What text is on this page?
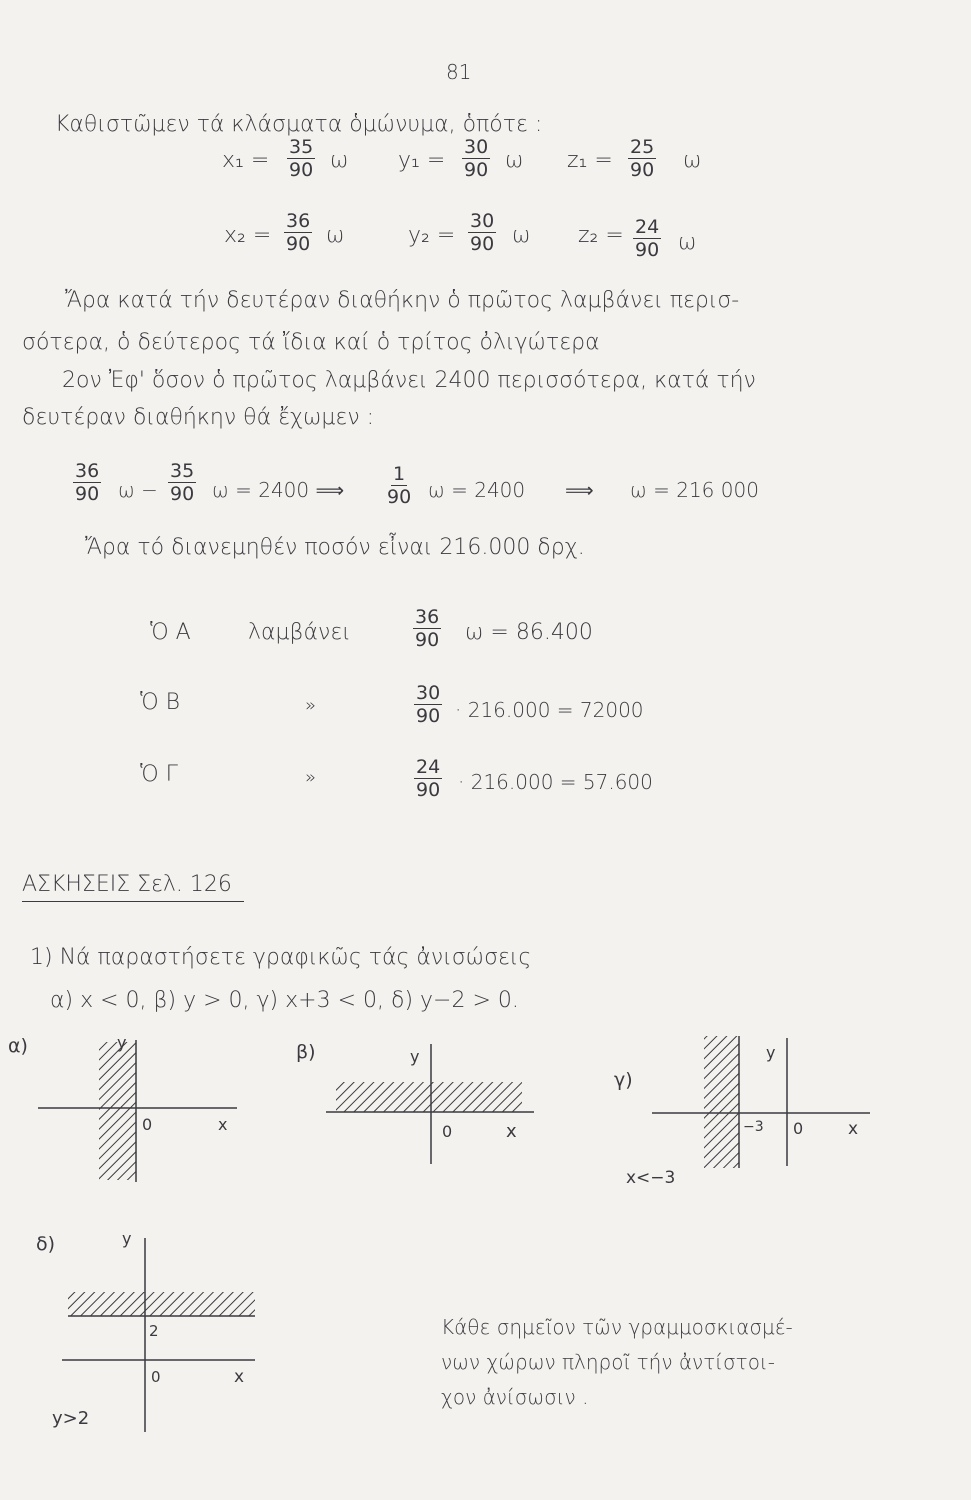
81
Καθιστῶμεν τά κλάσματα ὁμώνυμα, ὁπότε :
$x_1 = \frac{35}{90}$ ω $y_1 = \frac{30}{90}$ ω $z_1 = \frac{25}{90}$ ω
$x_2 = \frac{36}{90}$ ω	$y_2 = \frac{30}{90}$ ω $z_2 = \frac{24}{90}$ ω
Ἄρα κατά τήν δευτέραν διαθήκην ὁ πρῶτος λαμβάνει περισ-
σότερα, ὁ δεύτερος τά ἴδια καί ὁ τρίτος ὀλιγώτερα
2ον Ἐφ' ὅσον ὁ πρῶτος λαμβάνει 2400 περισσότερα, κατά τήν
δευτέραν διαθήκην θά ἔχωμεν :
$\frac{36}{90}$ $\omega - \frac{35}{90}$ ω = 2400 ⟹ $\frac{1}{90}$ ω = 2400 ⟹ ω = 216 000
Ἄρα τό διανεμηθέν ποσόν εἶναι 216.000 δρχ.
Ὁ A	λαμβάνει	$\frac{36}{90}$ ω = 86.400
Ὁ B	»	$\frac{30}{90} \cdot 216.000 = 72000$
Ὁ Γ	»	$\frac{24}{90} \cdot 216.000 = 57.600$
ΑΣΚΗΣΕΙΣ Σελ. 126
1) Νά παραστήσετε γραφικῶς τάς ἀνισώσεις
α) x < 0, β) y > 0, γ) x+3 < 0, δ) y−2 > 0.
α)	y
0	x
β)	y
0	x
γ)
y
−3 0	x
x<−3
δ)	y
2
0	x
y>2
Κάθε σημεῖον τῶν γραμμοσκιασμέ-
νων χώρων πληροῖ τήν ἀντίστοι-
χον ἀνίσωσιν .
